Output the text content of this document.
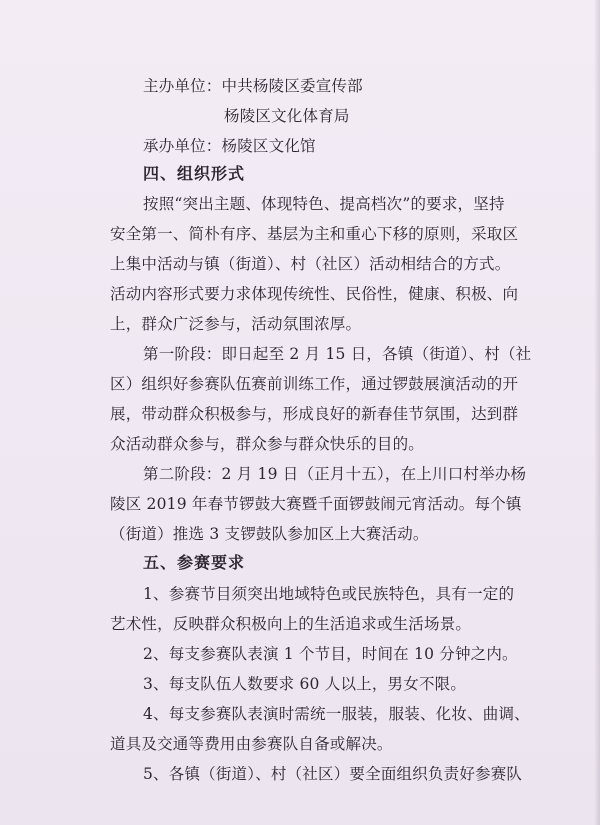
主办单位：中共杨陵区委宣传部
杨陵区文化体育局
承办单位：杨陵区文化馆
四、组织形式
按照“突出主题、体现特色、提高档次”的要求，坚持
安全第一、简朴有序、基层为主和重心下移的原则，采取区
上集中活动与镇（街道）、村（社区）活动相结合的方式。
活动内容形式要力求体现传统性、民俗性，健康、积极、向
上，群众广泛参与，活动氛围浓厚。
第一阶段：即日起至 2 月 15 日，各镇（街道）、村（社
区）组织好参赛队伍赛前训练工作，通过锣鼓展演活动的开
展，带动群众积极参与，形成良好的新春佳节氛围，达到群
众活动群众参与，群众参与群众快乐的目的。
第二阶段：2 月 19 日（正月十五），在上川口村举办杨
陵区 2019 年春节锣鼓大赛暨千面锣鼓闹元宵活动。每个镇
（街道）推选 3 支锣鼓队参加区上大赛活动。
五、参赛要求
1、参赛节目须突出地域特色或民族特色，具有一定的
艺术性，反映群众积极向上的生活追求或生活场景。
2、每支参赛队表演 1 个节目，时间在 10 分钟之内。
3、每支队伍人数要求 60 人以上，男女不限。
4、每支参赛队表演时需统一服装，服装、化妆、曲调、
道具及交通等费用由参赛队自备或解决。
5、各镇（街道）、村（社区）要全面组织负责好参赛队
